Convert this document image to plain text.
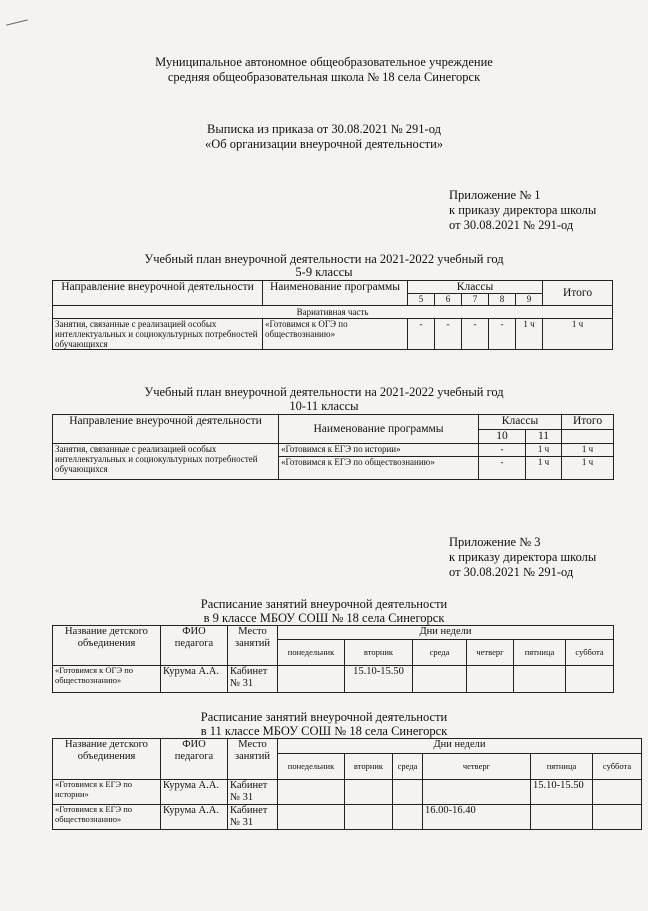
Муниципальное автономное общеобразовательное учреждение
средняя общеобразовательная школа № 18 села Синегорск
Выписка из приказа от 30.08.2021 № 291-од
«Об организации внеурочной деятельности»
Приложение № 1
к приказу директора школы
от 30.08.2021 № 291-од
Учебный план внеурочной деятельности на 2021-2022 учебный год
5-9 классы
Направление внеурочной деятельности	Наименование программы	Классы					Итого
		5	6	7	8	9	
Вариативная часть							
Занятия, связанные с реализацией особых интеллектуальных и социокультурных потребностей обучающихся	«Готовимся к ОГЭ по обществознанию»	-	-	-	-	1 ч	1 ч
Учебный план внеурочной деятельности на 2021-2022 учебный год
10-11 классы
Направление внеурочной деятельности	Наименование программы	Классы		Итого
		10	11	
Занятия, связанные с реализацией особых интеллектуальных и социокультурных потребностей обучающихся	«Готовимся к ЕГЭ по истории»	-	1 ч	1 ч
	«Готовимся к ЕГЭ по обществознанию»	-	1 ч	1 ч
Приложение № 3
к приказу директора школы
от 30.08.2021 № 291-од
Расписание занятий внеурочной деятельности
в 9 классе МБОУ СОШ № 18 села Синегорск
Название детского объединения	ФИО педагога	Место занятий	Дни недели					
			понедельник	вторник	среда	четверг	пятница	суббота
«Готовимся к ОГЭ по обществознанию»	Курума А.А.	Кабинет № 31		15.10-15.50				
Расписание занятий внеурочной деятельности
в 11 классе МБОУ СОШ № 18 села Синегорск
Название детского объединения	ФИО педагога	Место занятий	Дни недели					
			понедельник	вторник	среда	четверг	пятница	суббота
«Готовимся к ЕГЭ по истории»	Курума А.А.	Кабинет № 31					15.10-15.50	
«Готовимся к ЕГЭ по обществознанию»	Курума А.А.	Кабинет № 31				16.00-16.40		
